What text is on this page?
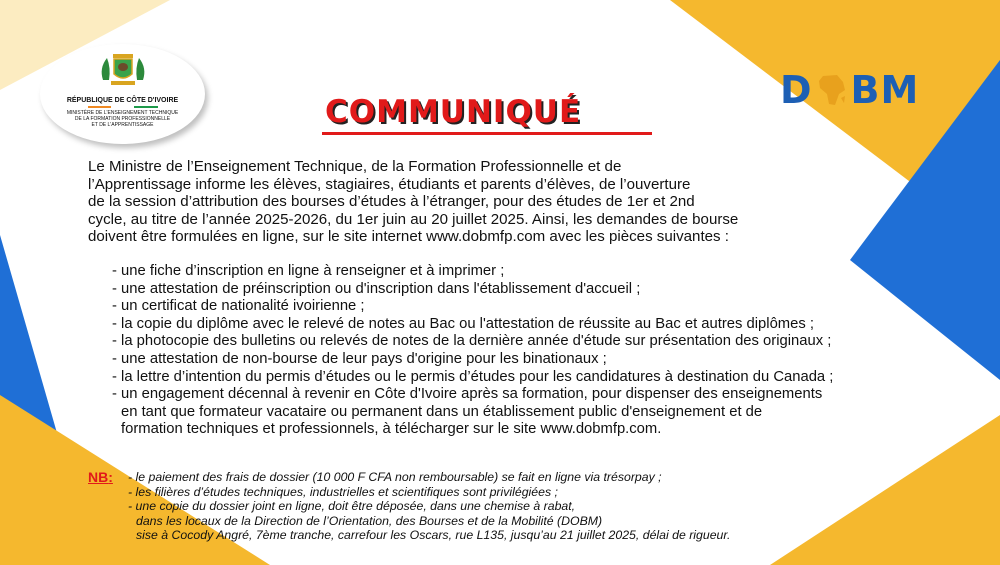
RÉPUBLIQUE DE CÔTE D'IVOIRE
MINISTÈRE DE L'ENSEIGNEMENT TECHNIQUE
DE LA FORMATION PROFESSIONNELLE
ET DE L'APPRENTISSAGE
D BM
COMMUNIQUÉ
Le Ministre de l’Enseignement Technique, de la Formation Professionnelle et de
l’Apprentissage informe les élèves, stagiaires, étudiants et parents d’élèves, de l’ouverture
de la session d’attribution des bourses d’études à l’étranger, pour des études de 1er et 2nd
cycle, au titre de l’année 2025-2026, du 1er juin au 20 juillet 2025. Ainsi, les demandes de bourse
doivent être formulées en ligne, sur le site internet www.dobmfp.com avec les pièces suivantes :
- une fiche d’inscription en ligne à renseigner et à imprimer ;
- une attestation de préinscription ou d'inscription dans l'établissement d'accueil ;
- un certificat de nationalité ivoirienne ;
- la copie du diplôme avec le relevé de notes au Bac ou l'attestation de réussite au Bac et autres diplômes ;
- la photocopie des bulletins ou relevés de notes de la dernière année d'étude sur présentation des originaux ;
- une attestation de non-bourse de leur pays d'origine pour les binationaux ;
- la lettre d’intention du permis d’études ou le permis d’études pour les candidatures à destination du Canada ;
- un engagement décennal à revenir en Côte d'Ivoire après sa formation, pour dispenser des enseignements
en tant que formateur vacataire ou permanent dans un établissement public d'enseignement et de
formation techniques et professionnels, à télécharger sur le site www.dobmfp.com.
NB: - le paiement des frais de dossier (10 000 F CFA non remboursable) se fait en ligne via trésorpay ;
- les filières d’études techniques, industrielles et scientifiques sont privilégiées ;
- une copie du dossier joint en ligne, doit être déposée, dans une chemise à rabat,
dans les locaux de la Direction de l’Orientation, des Bourses et de la Mobilité (DOBM)
sise à Cocody Angré, 7ème tranche, carrefour les Oscars, rue L135, jusqu’au 21 juillet 2025, délai de rigueur.
